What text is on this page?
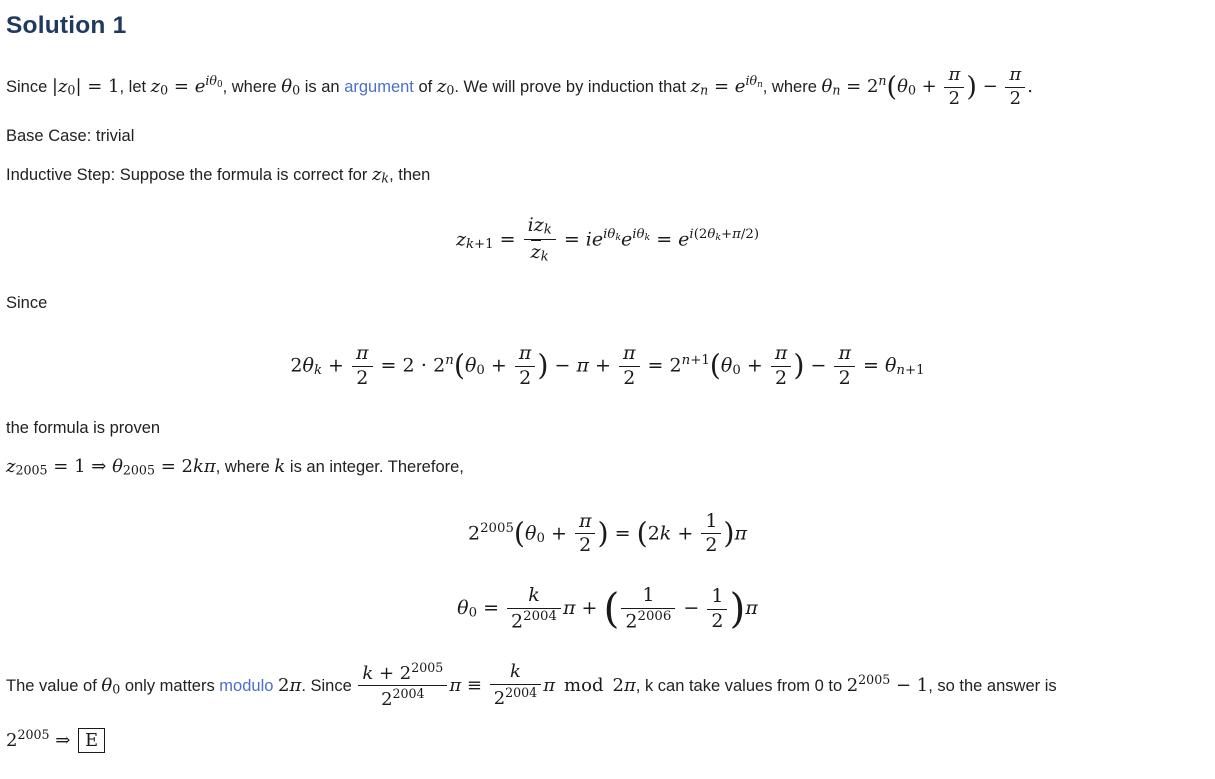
Solution 1

Since |z0| = 1, let $z0 = e^{i\theta 0}$, where θ0 is an argument of z0. We will prove by induction that zn = $e^{i\theta n}$, where $\theta n = 2^n(\theta 0 + \frac{\pi}{2}$ ) − $\frac{\pi}{2}$ .

Base Case: trivial

Inductive Step: Suppose the formula is correct for zk, then

$zk+1 = \frac{\text{izk}}{zk} = ie^{i\theta k}e^{i\theta k} = e^{i(2\theta k+\pi/2)}$

Since

$2\theta k + \frac{\pi}{2} = 2 \cdot 2^n(\theta 0 + \frac{\pi}{2}$ ) − $\pi + \frac{\pi}{2} = 2^{n+1}(\theta 0 + \frac{\pi}{2}$ ) − $\frac{\pi}{2} = \theta n+1$

the formula is proven

z2005 = 1 ⇒ θ2005 = 2kπ, where k is an integer. Therefore,

$2^{2005}(\theta 0 + \frac{\pi}{2}$ ) = $(2k + \frac{1}{2} )\pi$
$\theta 0 = \frac{k}{2^{2004}}$ π + ( $\frac{1}{2^{2006}} - \frac{1}{2} )\pi$

The value of θ0 only matters modulo 2π. Since $\frac{k + 2^{2005}}{2^{2004}}$ $\pi \equiv \frac{k}{2^{2004}}$ π mod 2π, k can take values from 0 to $2^{2005} - 1$, so the answer is

$2^{2005}$ ⇒ E
